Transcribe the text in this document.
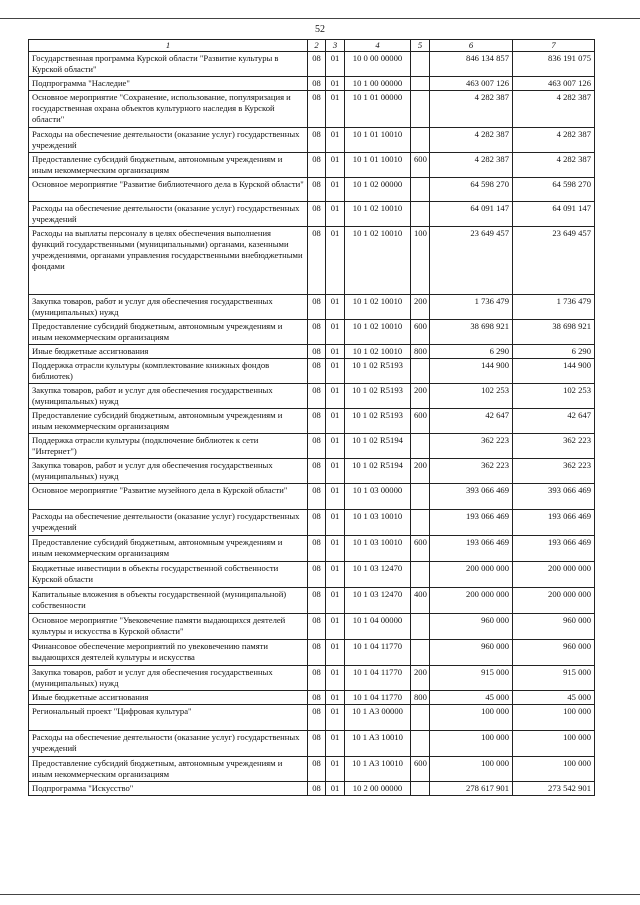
52
1	2	3	4	5	6	7
Государственная программа Курской области "Развитие культуры в Курской области"	08	01	10 0 00 00000		846 134 857	836 191 075
Подпрограмма "Наследие"	08	01	10 1 00 00000		463 007 126	463 007 126
Основное мероприятие "Сохранение, использование, популяризация и государственная охрана объектов культурного наследия в Курской области"	08	01	10 1 01 00000		4 282 387	4 282 387
Расходы на обеспечение деятельности (оказание услуг) государственных учреждений	08	01	10 1 01 10010		4 282 387	4 282 387
Предоставление субсидий бюджетным, автономным учреждениям и иным некоммерческим организациям	08	01	10 1 01 10010	600	4 282 387	4 282 387
Основное мероприятие "Развитие библиотечного дела в Курской области"	08	01	10 1 02 00000		64 598 270	64 598 270
Расходы на обеспечение деятельности (оказание услуг) государственных учреждений	08	01	10 1 02 10010		64 091 147	64 091 147
Расходы на выплаты персоналу в целях обеспечения выполнения функций государственными (муниципальными) органами, казенными учреждениями, органами управления государственными внебюджетными фондами	08	01	10 1 02 10010	100	23 649 457	23 649 457
Закупка товаров, работ и услуг для обеспечения государственных (муниципальных) нужд	08	01	10 1 02 10010	200	1 736 479	1 736 479
Предоставление субсидий бюджетным, автономным учреждениям и иным некоммерческим организациям	08	01	10 1 02 10010	600	38 698 921	38 698 921
Иные бюджетные ассигнования	08	01	10 1 02 10010	800	6 290	6 290
Поддержка отрасли культуры (комплектование книжных фондов библиотек)	08	01	10 1 02 R5193		144 900	144 900
Закупка товаров, работ и услуг для обеспечения государственных (муниципальных) нужд	08	01	10 1 02 R5193	200	102 253	102 253
Предоставление субсидий бюджетным, автономным учреждениям и иным некоммерческим организациям	08	01	10 1 02 R5193	600	42 647	42 647
Поддержка отрасли культуры (подключение библиотек к сети "Интернет")	08	01	10 1 02 R5194		362 223	362 223
Закупка товаров, работ и услуг для обеспечения государственных (муниципальных) нужд	08	01	10 1 02 R5194	200	362 223	362 223
Основное мероприятие "Развитие музейного дела в Курской области"	08	01	10 1 03 00000		393 066 469	393 066 469
Расходы на обеспечение деятельности (оказание услуг) государственных учреждений	08	01	10 1 03 10010		193 066 469	193 066 469
Предоставление субсидий бюджетным, автономным учреждениям и иным некоммерческим организациям	08	01	10 1 03 10010	600	193 066 469	193 066 469
Бюджетные инвестиции в объекты государственной собственности Курской области	08	01	10 1 03 12470		200 000 000	200 000 000
Капитальные вложения в объекты государственной (муниципальной) собственности	08	01	10 1 03 12470	400	200 000 000	200 000 000
Основное мероприятие "Увековечение памяти выдающихся деятелей культуры и искусства в Курской области"	08	01	10 1 04 00000		960 000	960 000
Финансовое обеспечение мероприятий по увековечению памяти выдающихся деятелей культуры и искусства	08	01	10 1 04 11770		960 000	960 000
Закупка товаров, работ и услуг для обеспечения государственных (муниципальных) нужд	08	01	10 1 04 11770	200	915 000	915 000
Иные бюджетные ассигнования	08	01	10 1 04 11770	800	45 000	45 000
Региональный проект "Цифровая культура"	08	01	10 1 A3 00000		100 000	100 000
Расходы на обеспечение деятельности (оказание услуг) государственных учреждений	08	01	10 1 A3 10010		100 000	100 000
Предоставление субсидий бюджетным, автономным учреждениям и иным некоммерческим организациям	08	01	10 1 A3 10010	600	100 000	100 000
Подпрограмма "Искусство"	08	01	10 2 00 00000		278 617 901	273 542 901
